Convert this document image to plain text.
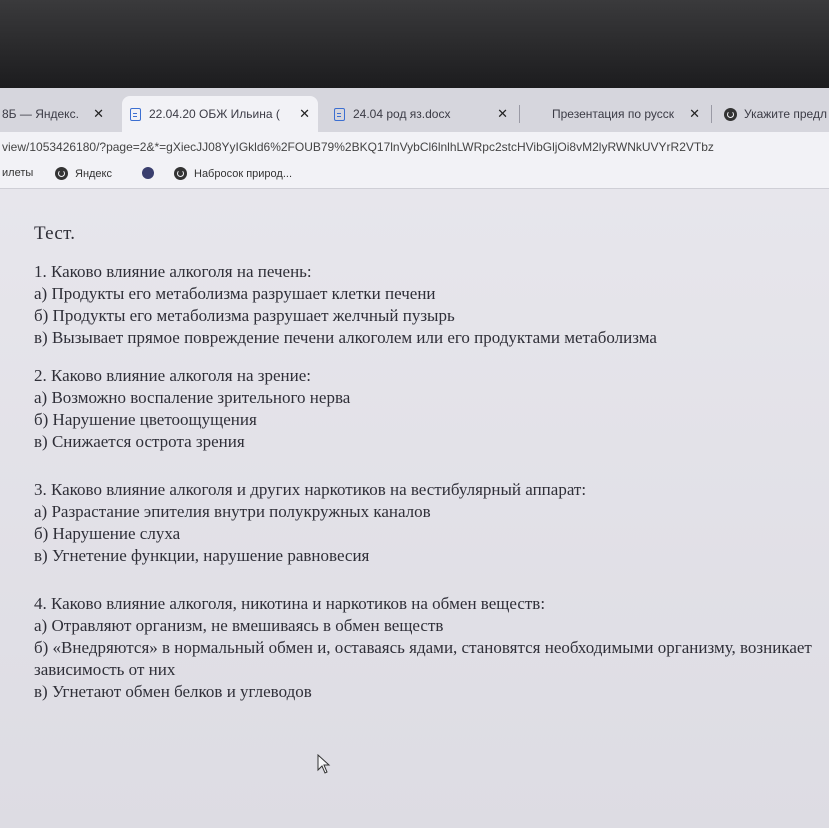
8Б — Яндекс. ✕	22.04.20 ОБЖ Ильина ( ✕	24.04 род яз.docx	✕	Презентация по русск ✕	Укажите предл
view/1053426180/?page=2&*=gXiecJJ08YyIGkld6%2FOUB79%2BKQ17lnVybCl6lnlhLWRpc2stcHVibGljOi8vM2lyRWNkUVYrR2VTbz
илеты	Яндекс	Набросок природ...
Тест.
1. Каково влияние алкоголя на печень:
а) Продукты его метаболизма разрушает клетки печени
б) Продукты его метаболизма разрушает желчный пузырь
в) Вызывает прямое повреждение печени алкоголем или его продуктами метаболизма
2. Каково влияние алкоголя на зрение:
а) Возможно воспаление зрительного нерва
б) Нарушение цветоощущения
в) Снижается острота зрения
3. Каково влияние алкоголя и других наркотиков на вестибулярный аппарат:
а) Разрастание эпителия внутри полукружных каналов
б) Нарушение слуха
в) Угнетение функции, нарушение равновесия
4. Каково влияние алкоголя, никотина и наркотиков на обмен веществ:
а) Отравляют организм, не вмешиваясь в обмен веществ
б) «Внедряются» в нормальный обмен и, оставаясь ядами, становятся необходимыми организму, возникает зависимость от них
в) Угнетают обмен белков и углеводов
